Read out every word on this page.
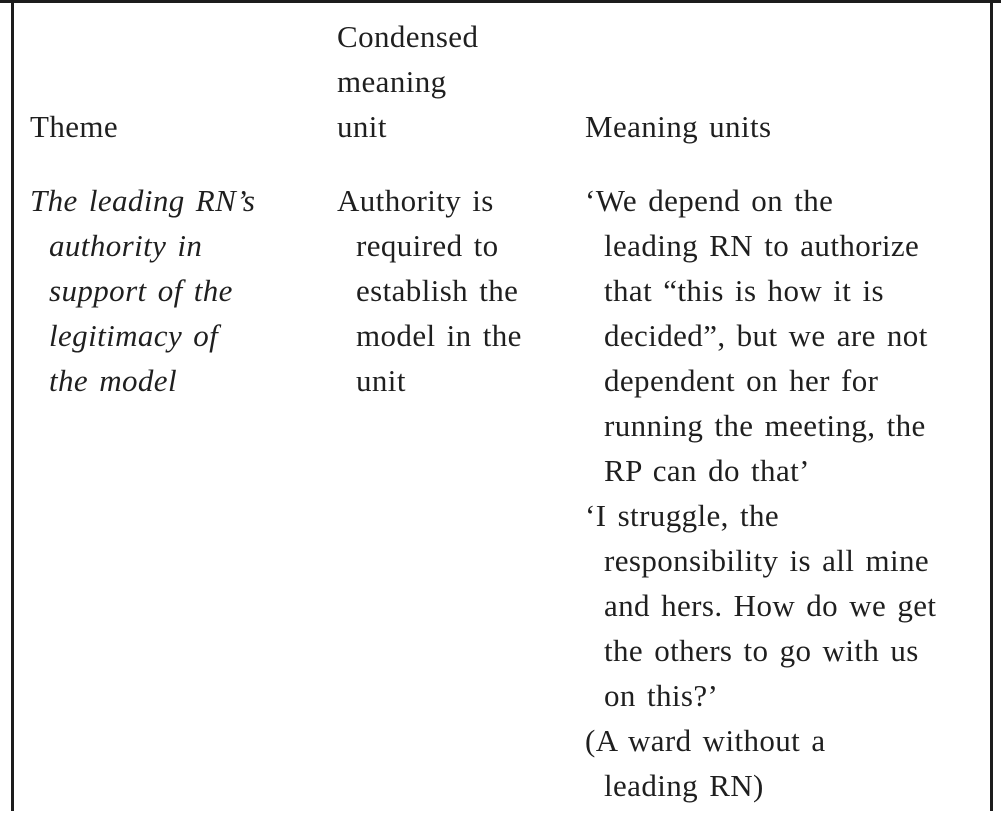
Theme
Condensed
meaning
unit	Meaning units
The leading RN’s
authority in
support of the
legitimacy of
the model
Authority is
required to
establish the
model in the
unit
‘We depend on the
leading RN to authorize
that “this is how it is
decided”, but we are not
dependent on her for
running the meeting, the
RP can do that’
‘I struggle, the
responsibility is all mine
and hers. How do we get
the others to go with us
on this?’
(A ward without a
leading RN)
